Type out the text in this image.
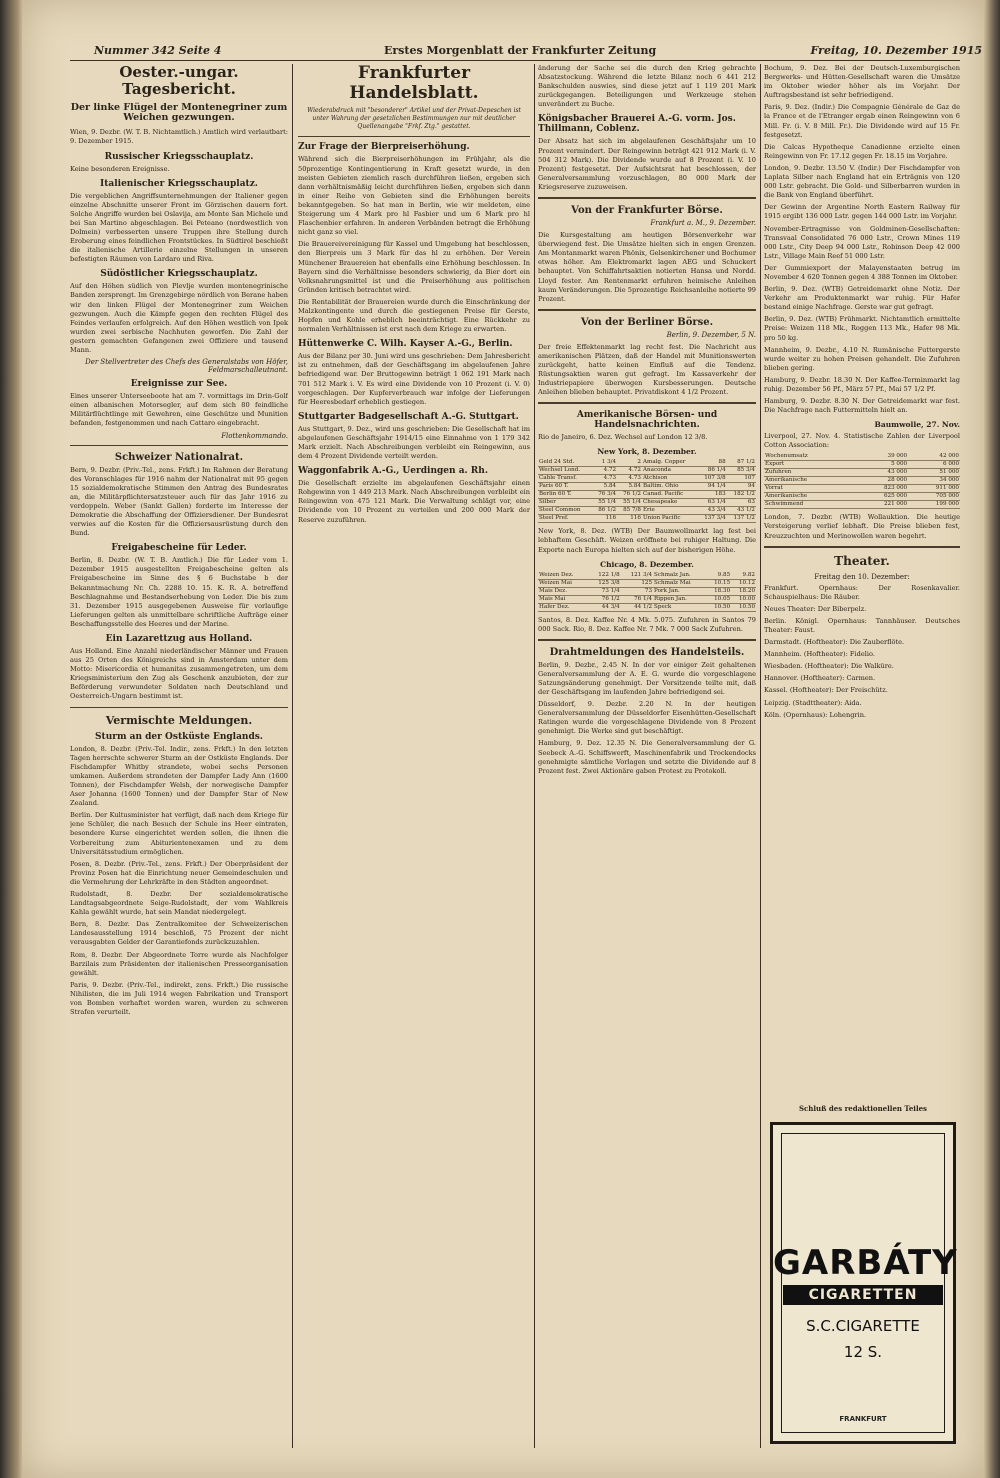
Nummer 342 Seite 4	Erstes Morgenblatt der Frankfurter Zeitung	Freitag, 10. Dezember 1915
Oester.-ungar. Tagesbericht.
Der linke Flügel der Montenegriner zum Weichen gezwungen.

Wien, 9. Dezbr. (W. T. B. Nichtamtlich.) Amtlich wird verlautbart: 9. Dezember 1915.

Russischer Kriegsschauplatz.

Keine besonderen Ereignisse.

Italienischer Kriegsschauplatz.

Die vergeblichen Angriffsunternehmungen der Italiener gegen einzelne Abschnitte unserer Front im Görzischen dauern fort. Solche Angriffe wurden bei Oslavija, am Monte San Michele und bei San Martino abgeschlagen. Bei Peteano (nordwestlich von Dolmein) verbesserten unsere Truppen ihre Stellung durch Eroberung eines feindlichen Frontstückes. In Südtirol beschießt die italienische Artillerie einzelne Stellungen in unseren befestigten Räumen von Lardaro und Riva.

Südöstlicher Kriegsschauplatz.

Auf den Höhen südlich von Plevlje wurden montenegrinische Banden zersprengt. Im Grenzgebirge nördlich von Berane haben wir den linken Flügel der Montenegriner zum Weichen gezwungen. Auch die Kämpfe gegen den rechten Flügel des Feindes verlaufen erfolgreich. Auf den Höhen westlich von Ipek wurden zwei serbische Nachhuten geworfen. Die Zahl der gestern gemachten Gefangenen zwei Offiziere und tausend Mann.

Der Stellvertreter des Chefs des Generalstabs von Höfer, Feldmarschalleutnant.
Ereignisse zur See.

Eines unserer Unterseeboote hat am 7. vormittags im Drin-Golf einen albanischen Motorsegler, auf dem sich 80 feindliche Militärflüchtlinge mit Gewehren, eine Geschütze und Munition befanden, festgenommen und nach Cattaro eingebracht.

Flottenkommando.
Schweizer Nationalrat.

Bern, 9. Dezbr. (Priv.-Tel., zens. Frkft.) Im Rahmen der Beratung des Voranschlages für 1916 nahm der Nationalrat mit 95 gegen 15 sozialdemokratische Stimmen den Antrag des Bundesrates an, die Militärpflichtersatzsteuer auch für das Jahr 1916 zu verdoppeln. Weber (Sankt Gallen) forderte im Interesse der Demokratie die Abschaffung der Offiziersdiener. Der Bundesrat verwies auf die Kosten für die Offiziersausrüstung durch den Bund.

Freigabescheine für Leder.

Berlin, 8. Dezbr. (W. T. B. Amtlich.) Die für Leder vom 1. Dezember 1915 ausgestellten Freigabescheine gelten als Freigabescheine im Sinne des § 6 Buchstabe b der Bekanntmachung Nr. Ch. 2288 10. 15. K. R. A. betreffend Beschlagnahme und Bestandserhebung von Leder. Die bis zum 31. Dezember 1915 ausgegebenen Ausweise für vorlaufige Lieferungen gelten als unmittelbare schriftliche Aufträge einer Beschaffungsstelle des Heeres und der Marine.

Ein Lazarettzug aus Holland.

Aus Holland. Eine Anzahl niederländischer Männer und Frauen aus 25 Orten des Königreichs sind in Amsterdam unter dem Motto: Misericordia et humanitas zusammengetreten, um dem Kriegsministerium den Zug als Geschenk anzubieten, der zur Beförderung verwundeter Soldaten nach Deutschland und Oesterreich-Ungarn bestimmt ist.

Vermischte Meldungen.
Sturm an der Ostküste Englands.

London, 8. Dezbr. (Priv.-Tel. Indir., zens. Frkft.) In den letzten Tagen herrschte schwerer Sturm an der Ostküste Englands. Der Fischdampfer Whitby strandete, wobei sechs Personen umkamen. Außerdem strandeten der Dampfer Lady Ann (1600 Tonnen), der Fischdampfer Welsh, der norwegische Dampfer Aser Johanna (1600 Tonnen) und der Dampfer Star of New Zealand.

Berlin. Der Kultusminister hat verfügt, daß nach dem Kriege für jene Schüler, die nach Besuch der Schule ins Heer eintraten, besondere Kurse eingerichtet werden sollen, die ihnen die Vorbereitung zum Abiturientenexamen und zu dem Universitätsstudium ermöglichen.

Posen, 8. Dezbr. (Priv.-Tel., zens. Frkft.) Der Oberpräsident der Provinz Posen hat die Einrichtung neuer Gemeindeschulen und die Vermehrung der Lehrkräfte in den Städten angeordnet.

Rudolstadt, 8. Dezbr. Der sozialdemokratische Landtagsabgeordnete Seige-Rudolstadt, der vom Wahlkreis Kahla gewählt wurde, hat sein Mandat niedergelegt.

Bern, 8. Dezbr. Das Zentralkomitee der Schweizerischen Landesausstellung 1914 beschloß, 75 Prozent der nicht verausgabten Gelder der Garantiefonds zurückzuzahlen.

Rom, 8. Dezbr. Der Abgeordnete Torre wurde als Nachfolger Barzilais zum Präsidenten der italienischen Presseorganisation gewählt.

Paris, 9. Dezbr. (Priv.-Tel., indirekt, zens. Frkft.) Die russische Nihilisten, die im Juli 1914 wegen Fabrikation und Transport von Bomben verhaftet worden waren, wurden zu schweren Strafen verurteilt.

Frankfurter Handelsblatt.

Wiederabdruck mit "besonderer" Artikel und der Privat-Depeschen ist unter Wahrung der gesetzlichen Bestimmungen nur mit deutlicher Quellenangabe "Frkf. Ztg." gestattet.

Zur Frage der Bierpreiserhöhung.

Während sich die Bierpreiserhöhungen im Frühjahr, als die 50prozentige Kontingentierung in Kraft gesetzt wurde, in den meisten Gebieten ziemlich rasch durchführen ließen, ergeben sich dann verhältnismäßig leicht durchführen ließen, ergeben sich dann in einer Reihe von Gebieten sind die Erhöhungen bereits bekanntgegeben. So hat man in Berlin, wie wir meldeten, eine Steigerung um 4 Mark pro hl Fasbier und um 6 Mark pro hl Flaschenbier erfahren. In anderen Verbänden betragt die Erhöhung nicht ganz so viel.

Die Brauereivereinigung für Kassel und Umgebung hat beschlossen, den Bierpreis um 3 Mark für das hl zu erhöhen. Der Verein Münchener Brauereien hat ebenfalls eine Erhöhung beschlossen. In Bayern sind die Verhältnisse besonders schwierig, da Bier dort ein Volksnahrungsmittel ist und die Preiserhöhung aus politischen Gründen kritisch betrachtet wird.

Die Rentabilität der Brauereien wurde durch die Einschränkung der Malzkontingente und durch die gestiegenen Preise für Gerste, Hopfen und Kohle erheblich beeinträchtigt. Eine Rückkehr zu normalen Verhältnissen ist erst nach dem Kriege zu erwarten.

Hüttenwerke C. Wilh. Kayser A.-G., Berlin.

Aus der Bilanz per 30. Juni wird uns geschrieben: Dem Jahresbericht ist zu entnehmen, daß der Geschäftsgang im abgelaufenen Jahre befriedigend war. Der Bruttogewinn beträgt 1 062 191 Mark nach 701 512 Mark i. V. Es wird eine Dividende von 10 Prozent (i. V. 0) vorgeschlagen. Der Kupferverbrauch war infolge der Lieferungen für Heeresbedarf erheblich gestiegen.

Stuttgarter Badgesellschaft A.-G. Stuttgart.

Aus Stuttgart, 9. Dez., wird uns geschrieben: Die Gesellschaft hat im abgelaufenen Geschäftsjahr 1914/15 eine Einnahme von 1 179 342 Mark erzielt. Nach Abschreibungen verbleibt ein Reingewinn, aus dem 4 Prozent Dividende verteilt werden.

Waggonfabrik A.-G., Uerdingen a. Rh.

Die Gesellschaft erzielte im abgelaufenen Geschäftsjahr einen Rohgewinn von 1 449 213 Mark. Nach Abschreibungen verbleibt ein Reingewinn von 475 121 Mark. Die Verwaltung schlägt vor, eine Dividende von 10 Prozent zu verteilen und 200 000 Mark der Reserve zuzuführen.

änderung der Sache sei die durch den Krieg gebrachte Absatzstockung. Während die letzte Bilanz noch 6 441 212 Bankschulden auswies, sind diese jetzt auf 1 119 201 Mark zurückgegangen. Beteiligungen und Werkzeuge stehen unverändert zu Buche.

Königsbacher Brauerei A.-G. vorm. Jos. Thillmann, Coblenz.

Der Absatz hat sich im abgelaufenen Geschäftsjahr um 10 Prozent vermindert. Der Reingewinn beträgt 421 912 Mark (i. V. 504 312 Mark). Die Dividende wurde auf 8 Prozent (i. V. 10 Prozent) festgesetzt. Der Aufsichtsrat hat beschlossen, der Generalversammlung vorzuschlagen, 80 000 Mark der Kriegsreserve zuzuweisen.

Von der Frankfurter Börse.
Frankfurt a. M., 9. Dezember.

Die Kursgestaltung am heutigen Börsenverkehr war überwiegend fest. Die Umsätze hielten sich in engen Grenzen. Am Montanmarkt waren Phönix, Gelsenkirchener und Bochumer etwas höher. Am Elektromarkt lagen AEG und Schuckert behauptet. Von Schiffahrtsaktien notierten Hansa und Nordd. Lloyd fester. Am Rentenmarkt erfuhren heimische Anleihen kaum Veränderungen. Die 5prozentige Reichsanleihe notierte 99 Prozent.

Von der Berliner Börse.
Berlin, 9. Dezember, 5 N.

Der freie Effektenmarkt lag recht fest. Die Nachricht aus amerikanischen Plätzen, daß der Handel mit Munitionswerten zurückgeht, hatte keinen Einfluß auf die Tendenz. Rüstungsaktien waren gut gefragt. Im Kassaverkehr der Industriepapiere überwogen Kursbesserungen. Deutsche Anleihen blieben behauptet. Privatdiskont 4 1/2 Prozent.

Amerikanische Börsen- und Handelsnachrichten.

Rio de Janeiro, 6. Dez. Wechsel auf London 12 3/8.

New York, 8. Dezember.
Geld 24 Std.	1 3/4	2	Amalg. Copper	88	87 1/2
Wechsel Lond.	4.72	4.72	Anaconda	86 1/4	85 3/4
Cable Transf.	4.73	4.73	Atchison	107 3/8	107
Paris 60 T.	5.84	5.84	Baltim. Ohio	94 1/4	94
Berlin 60 T.	76 3/4	76 1/2	Canad. Pacific	183	182 1/2
Silber	55 1/4	55 1/4	Chesapeake	63 1/4	63
Steel Common	86 1/2	85 7/8	Erie	43 3/4	43 1/2
Steel Pref.	116	116	Union Pacific	137 3/4	137 1/2

New York, 8. Dez. (WTB) Der Baumwollmarkt lag fest bei lebhaftem Geschäft. Weizen eröffnete bei ruhiger Haltung. Die Exporte nach Europa hielten sich auf der bisherigen Höhe.

Chicago, 8. Dezember.
Weizen Dez.	122 1/8	121 3/4	Schmalz Jan.	9.85	9.82
Weizen Mai	125 3/8	125	Schmalz Mai	10.15	10.12
Mais Dez.	73 1/4	73	Pork Jan.	18.30	18.20
Mais Mai	76 1/2	76 1/4	Rippen Jan.	10.05	10.00
Hafer Dez.	44 3/4	44 1/2	Speck	10.50	10.50

Santos, 8. Dez. Kaffee Nr. 4 Mk. 5.075. Zufuhren in Santos 79 000 Sack. Rio, 8. Dez. Kaffee Nr. 7 Mk. 7 000 Sack Zufuhren.

Drahtmeldungen des Handelsteils.

Berlin, 9. Dezbr., 2.45 N. In der vor einiger Zeit gehaltenen Generalversammlung der A. E. G. wurde die vorgeschlagene Satzungsänderung genehmigt. Der Vorsitzende teilte mit, daß der Geschäftsgang im laufenden Jahre befriedigend sei.

Düsseldorf, 9. Dezbr. 2.20 N. In der heutigen Generalversammlung der Düsseldorfer Eisenhütten-Gesellschaft Ratingen wurde die vorgeschlagene Dividende von 8 Prozent genehmigt. Die Werke sind gut beschäftigt.

Hamburg, 9. Dez. 12.35 N. Die Generalversammlung der G. Seebeck A.-G. Schiffswerft, Maschinenfabrik und Trockendocks genehmigte sämtliche Vorlagen und setzte die Dividende auf 8 Prozent fest. Zwei Aktionäre gaben Protest zu Protokoll.

Bochum, 9. Dez. Bei der Deutsch-Luxemburgischen Bergwerks- und Hütten-Gesellschaft waren die Umsätze im Oktober wieder höher als im Vorjahr. Der Auftragsbestand ist sehr befriedigend.

Paris, 9. Dez. (Indir.) Die Compagnie Générale de Gaz de la France et de l'Etranger ergab einen Reingewinn von 6 Mill. Fr. (i. V. 8 Mill. Fr.). Die Dividende wird auf 15 Fr. festgesetzt.

Die Calcas Hypotheque Canadienne erzielte einen Reingewinn von Fr. 17.12 gegen Fr. 18.15 im Vorjahre.

London, 9. Dezbr. 13.50 V. (Indir.) Der Fischdampfer von Laplata Silber nach England hat ein Erträgnis von 120 000 Lstr. gebracht. Die Gold- und Silberbarren wurden in die Bank von England überführt.

Der Gewinn der Argentine North Eastern Railway für 1915 ergibt 136 000 Lstr. gegen 144 000 Lstr. im Vorjahr.

November-Ertragnisse von Goldminen-Gesellschaften: Transvaal Consolidated 76 000 Lstr., Crown Mines 119 000 Lstr., City Deep 94 000 Lstr., Robinson Deep 42 000 Lstr., Village Main Reef 51 000 Lstr.

Der Gummiexport der Malayenstaaten betrug im November 4 620 Tonnen gegen 4 388 Tonnen im Oktober.

Berlin, 9. Dez. (WTB) Getreidemarkt ohne Notiz. Der Verkehr am Produktenmarkt war ruhig. Für Hafer bestand einige Nachfrage. Gerste war gut gefragt.

Berlin, 9. Dez. (WTB) Frühmarkt. Nichtamtlich ermittelte Preise: Weizen 118 Mk., Roggen 113 Mk., Hafer 98 Mk. pro 50 kg.

Mannheim, 9. Dezbr., 4.10 N. Rumänische Futtergerste wurde weiter zu hohen Preisen gehandelt. Die Zufuhren blieben gering.

Hamburg, 9. Dezbr. 18.30 N. Der Kaffee-Terminmarkt lag ruhig. Dezember 56 Pf., März 57 Pf., Mai 57 1/2 Pf.

Hamburg, 9. Dezbr. 8.30 N. Der Getreidemarkt war fest. Die Nachfrage nach Futtermitteln hielt an.

Baumwolle, 27. Nov.

Liverpool, 27. Nov. 4. Statistische Zahlen der Liverpool Cotton Association:

Wochenumsatz	39 000	42 000
Export	5 000	6 000
Zufuhren	43 000	51 000
Amerikanische	28 000	34 000
Vorrat	823 000	911 000
Amerikanische	625 000	705 000
Schwimmend	221 000	199 000

London, 7. Dezbr. (WTB) Wollauktion. Die heutige Versteigerung verlief lebhaft. Die Preise blieben fest, Kreuzzuchten und Merinowollen waren begehrt.

Theater.
Freitag den 10. Dezember:

Frankfurt. Opernhaus: Der Rosenkavalier. Schauspielhaus: Die Räuber.

Neues Theater: Der Biberpelz.

Berlin. Königl. Opernhaus: Tannhäuser. Deutsches Theater: Faust.

Darmstadt. (Hoftheater): Die Zauberflöte.

Mannheim. (Hoftheater): Fidelio.

Wiesbaden. (Hoftheater): Die Walküre.

Hannover. (Hoftheater): Carmen.

Kassel. (Hoftheater): Der Freischütz.

Leipzig. (Stadttheater): Aida.

Köln. (Opernhaus): Lohengrin.

Schluß des redaktionellen Teiles
GARBÁTY
CIGARETTEN
S.C.CIGARETTE
12 S.
FRANKFURT
